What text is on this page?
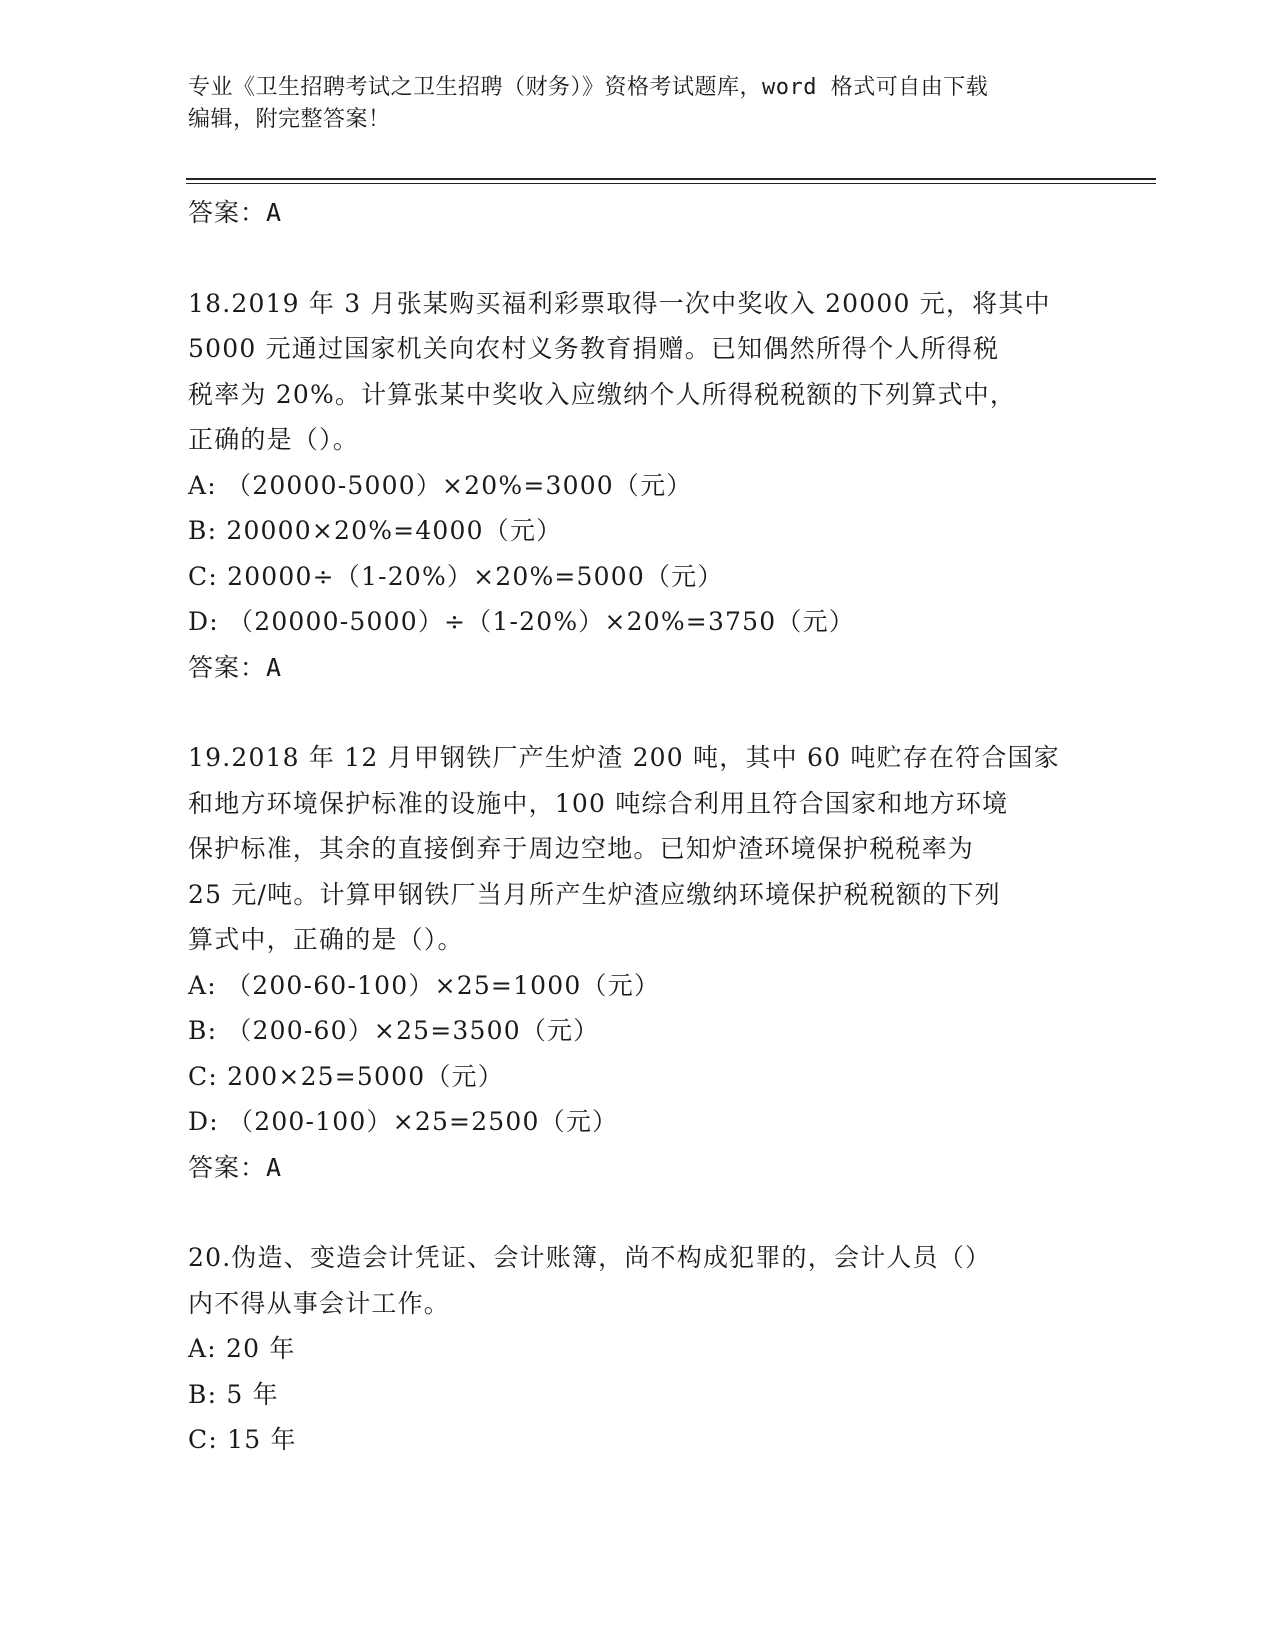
专业《卫生招聘考试之卫生招聘（财务）》资格考试题库，word 格式可自由下载
编辑，附完整答案！
答案：A
18.2019 年 3 月张某购买福利彩票取得一次中奖收入 20000 元，将其中
5000 元通过国家机关向农村义务教育捐赠。已知偶然所得个人所得税
税率为 20%。计算张某中奖收入应缴纳个人所得税税额的下列算式中，
正确的是（）。
A: （20000-5000）×20%=3000（元）
B: 20000×20%=4000（元）
C: 20000÷（1-20%）×20%=5000（元）
D: （20000-5000）÷（1-20%）×20%=3750（元）
答案：A
19.2018 年 12 月甲钢铁厂产生炉渣 200 吨，其中 60 吨贮存在符合国家
和地方环境保护标准的设施中，100 吨综合利用且符合国家和地方环境
保护标准，其余的直接倒弃于周边空地。已知炉渣环境保护税税率为
25 元/吨。计算甲钢铁厂当月所产生炉渣应缴纳环境保护税税额的下列
算式中，正确的是（）。
A: （200-60-100）×25=1000（元）
B: （200-60）×25=3500（元）
C: 200×25=5000（元）
D: （200-100）×25=2500（元）
答案：A
20.伪造、变造会计凭证、会计账簿，尚不构成犯罪的，会计人员（）
内不得从事会计工作。
A: 20 年
B: 5 年
C: 15 年
